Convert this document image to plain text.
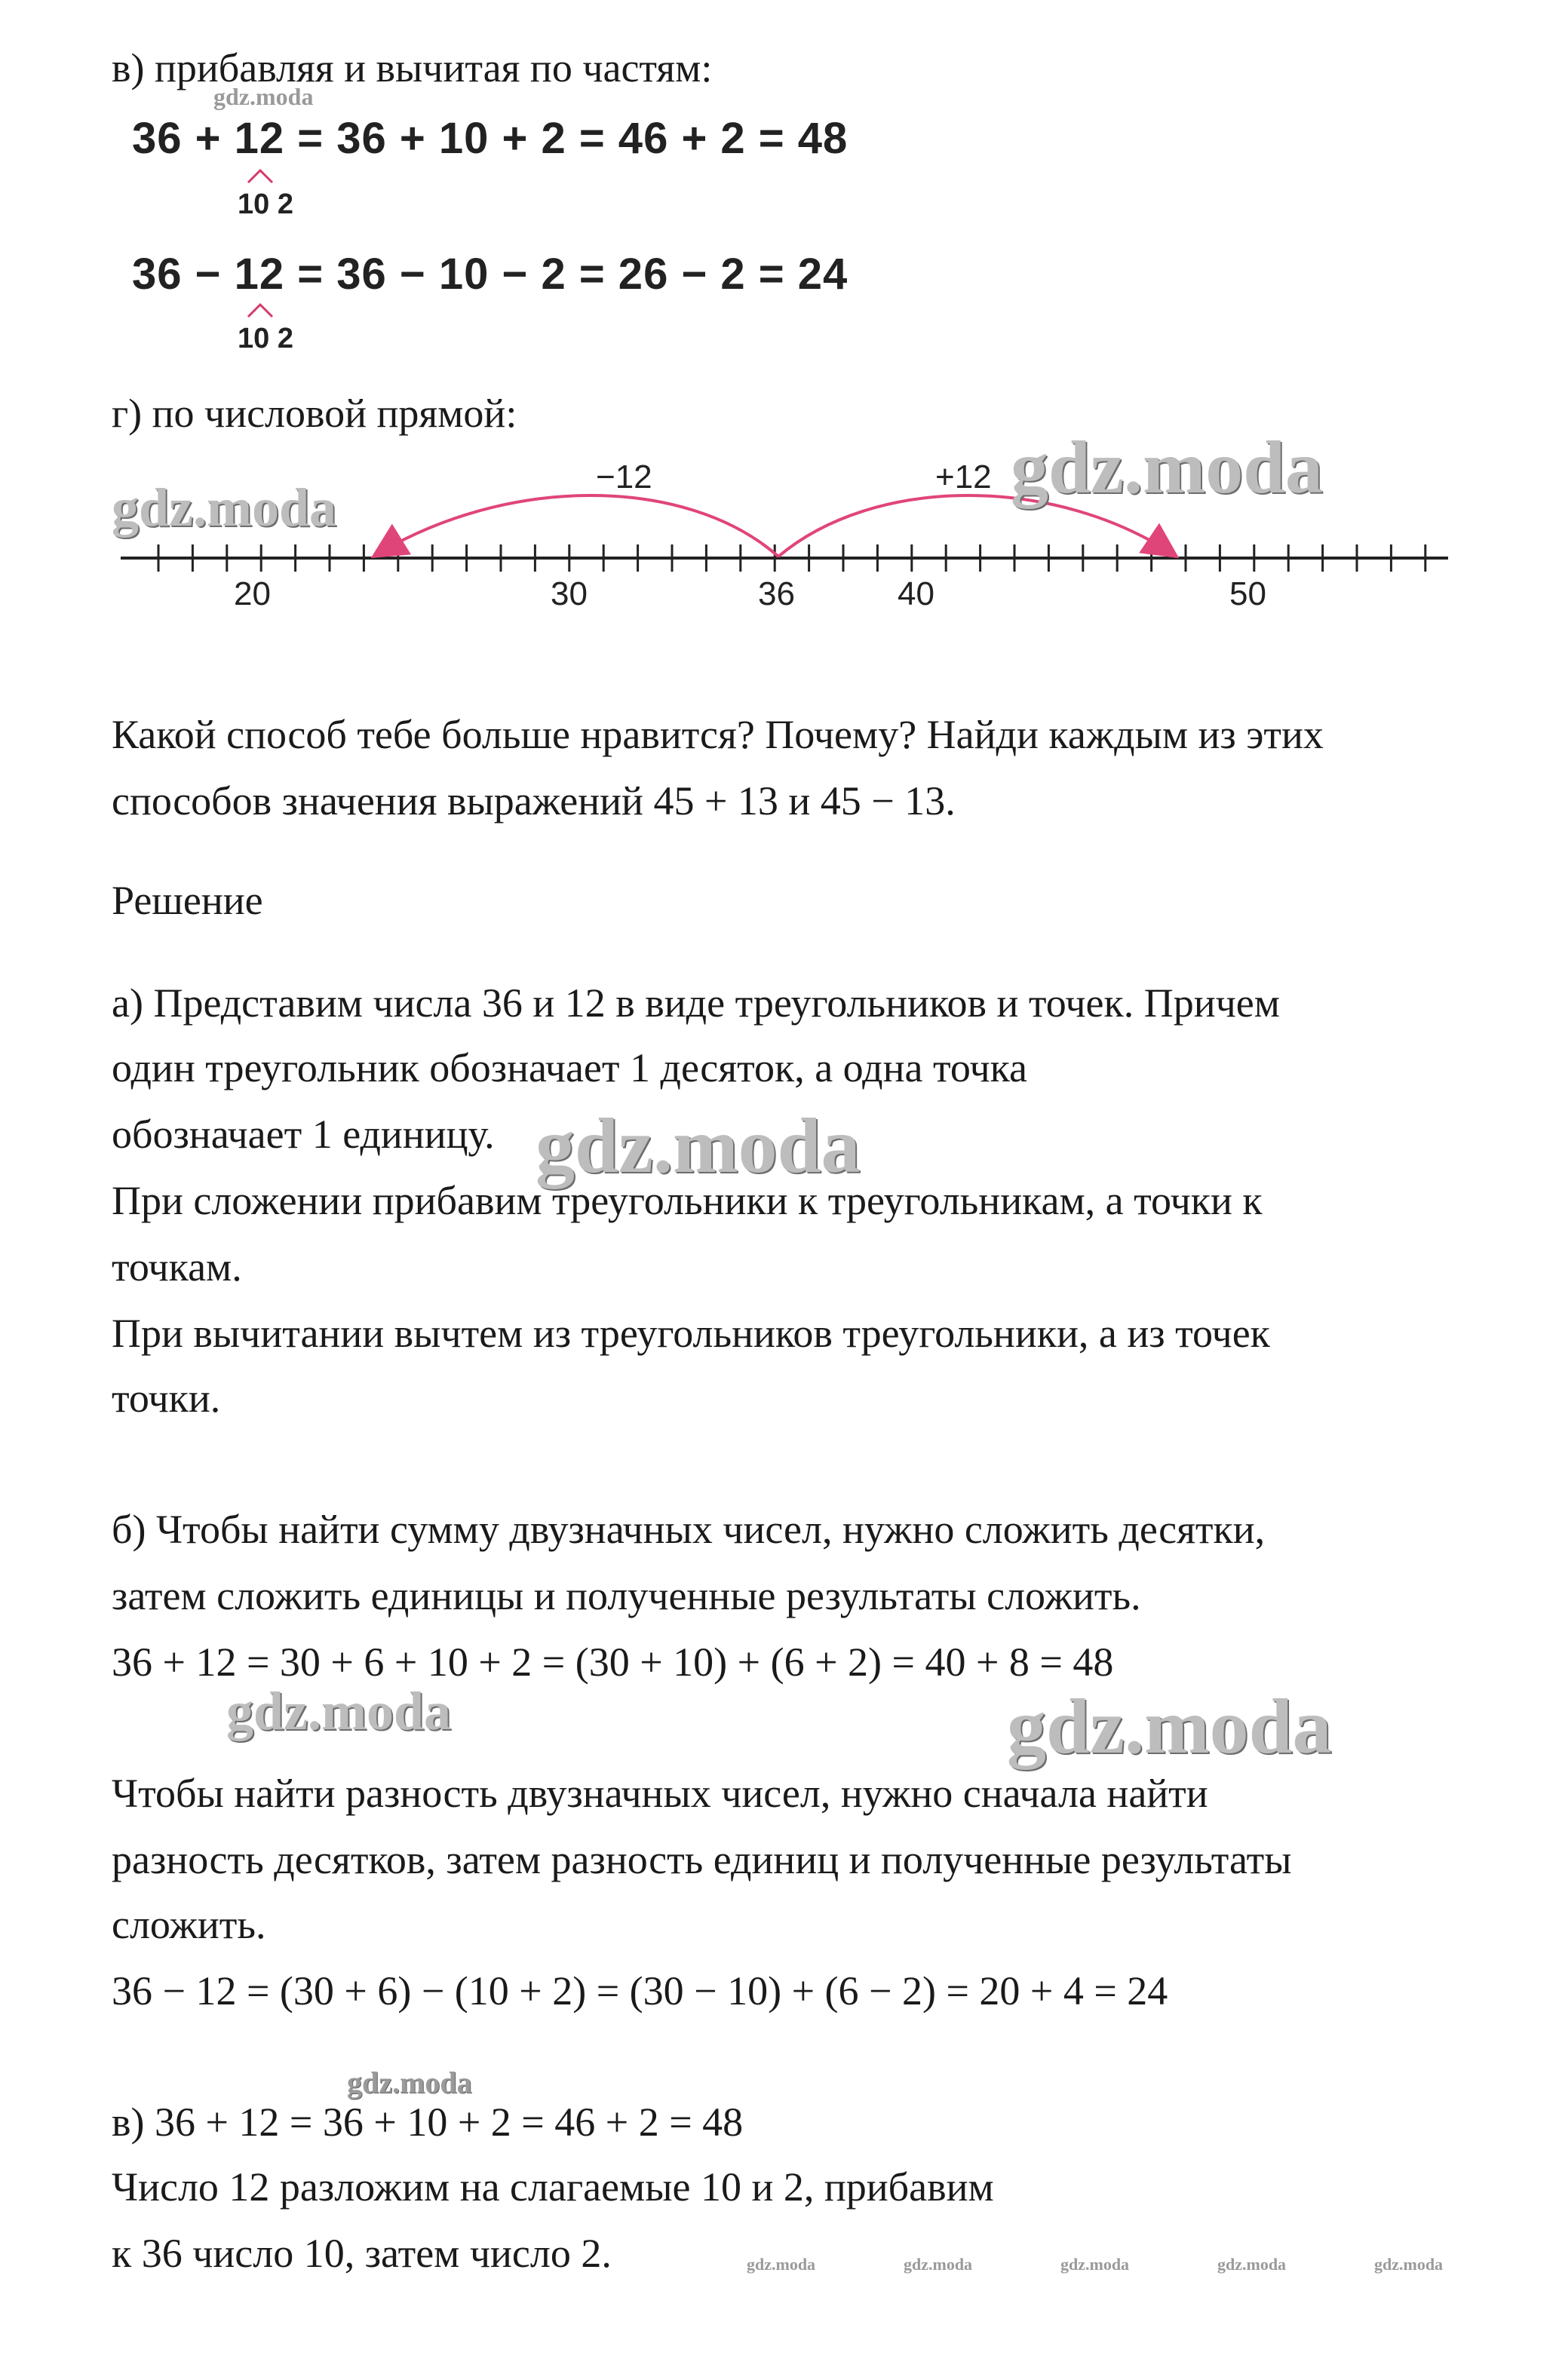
в) прибавляя и вычитая по частям:
36 + 12 = 36 + 10 + 2 = 46 + 2 = 48
10 2
36 − 12 = 36 − 10 − 2 = 26 − 2 = 24
10 2
г) по числовой прямой:
−12	+12
20	30	36	40	50
Какой способ тебе больше нравится? Почему? Найди каждым из этих
способов значения выражений 45 + 13 и 45 − 13.
Решение
а) Представим числа 36 и 12 в виде треугольников и точек. Причем
один треугольник обозначает 1 десяток, а одна точка
обозначает 1 единицу.
При сложении прибавим треугольники к треугольникам, а точки к
точкам.
При вычитании вычтем из треугольников треугольники, а из точек
точки.
б) Чтобы найти сумму двузначных чисел, нужно сложить десятки,
затем сложить единицы и полученные результаты сложить.
36 + 12 = 30 + 6 + 10 + 2 = (30 + 10) + (6 + 2) = 40 + 8 = 48
Чтобы найти разность двузначных чисел, нужно сначала найти
разность десятков, затем разность единиц и полученные результаты
сложить.
36 − 12 = (30 + 6) − (10 + 2) = (30 − 10) + (6 − 2) = 20 + 4 = 24
в) 36 + 12 = 36 + 10 + 2 = 46 + 2 = 48
Число 12 разложим на слагаемые 10 и 2, прибавим
к 36 число 10, затем число 2.
gdz.moda
gdz.moda
gdz.moda
gdz.moda
gdz.moda	gdz.moda
gdz.moda
gdz.moda	gdz.moda	gdz.moda	gdz.moda	gdz.moda
